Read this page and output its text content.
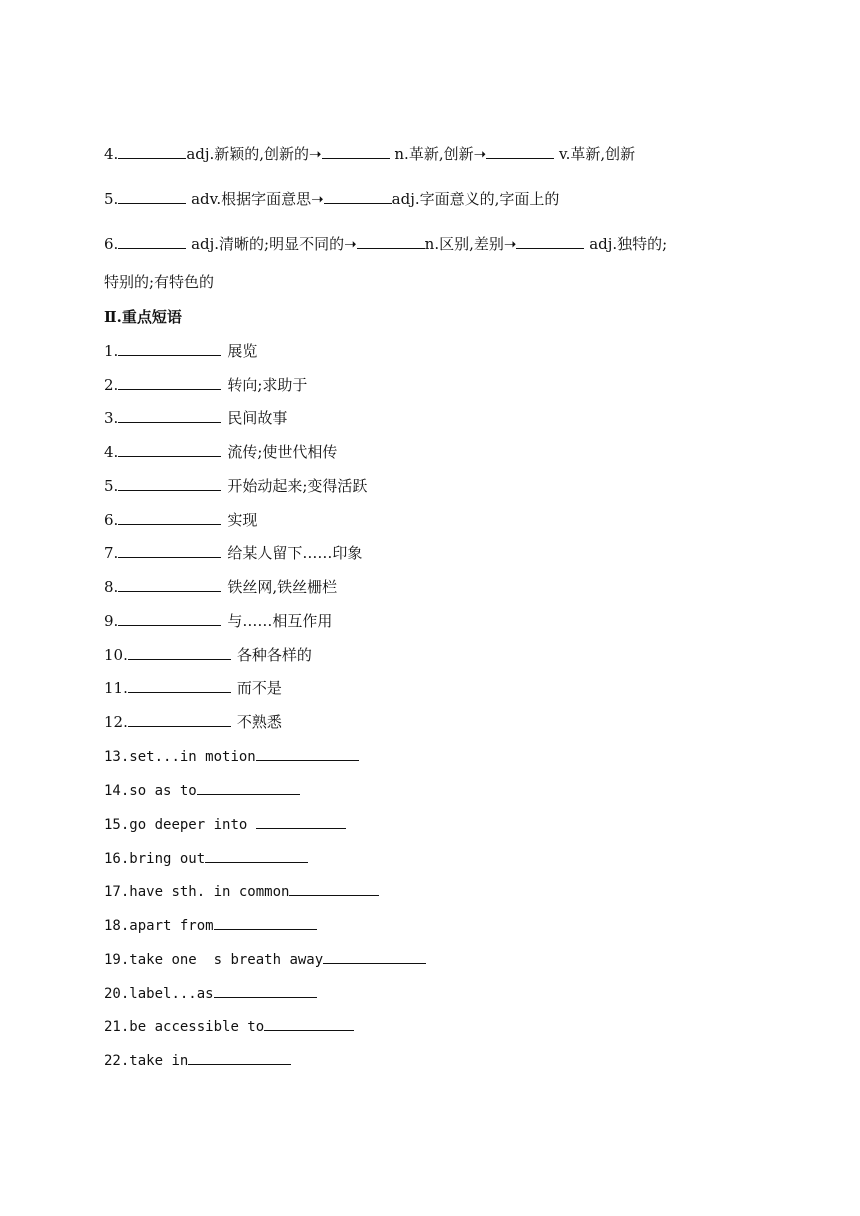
4.	adj.新颖的,创新的➝	n.革新,创新➝	v.革新,创新
5.	adv.根据字面意思➝	adj.字面意义的,字面上的
6.	adj.清晰的;明显不同的➝	n.区别,差别➝	adj.独特的;
特别的;有特色的
Ⅱ.重点短语
1.	展览
2.	转向;求助于
3.	民间故事
4.	流传;使世代相传
5.	开始动起来;变得活跃
6.	实现
7.	给某人留下……印象
8.	铁丝网,铁丝栅栏
9.	与……相互作用
10.	各种各样的
11.	而不是
12.	不熟悉
13.set...in motion
14.so as to
15.go deeper into
16.bring out
17.have sth. in common
18.apart from
19.take one  s breath away
20.label...as
21.be accessible to
22.take in
